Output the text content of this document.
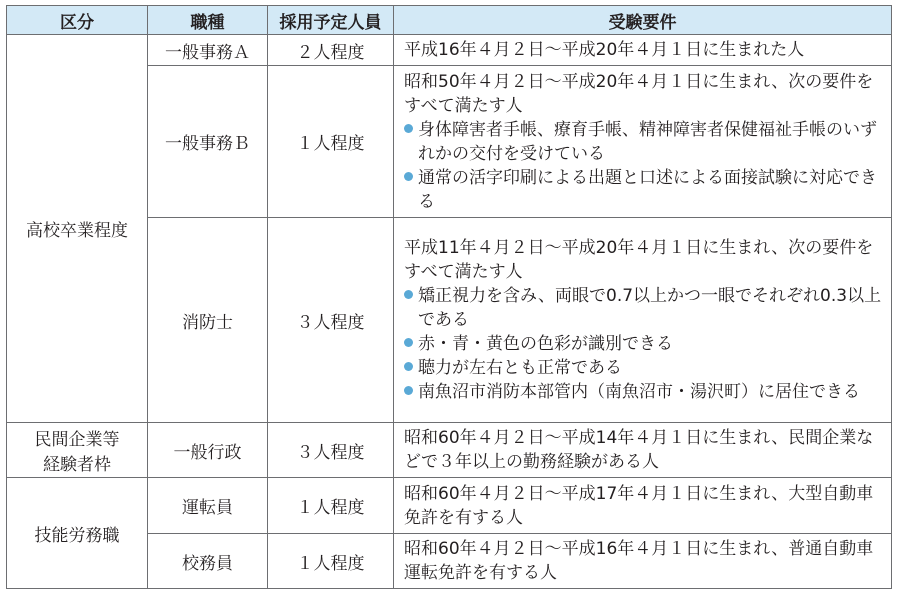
区分	職種	採用予定人員	受験要件
高校卒業程度	一般事務Ａ	２人程度	平成16年４月２日～平成20年４月１日に生まれた人

	一般事務Ｂ	１人程度	昭和50年４月２日～平成20年４月１日に生まれ、次の要件をすべて満たす人
身体障害者手帳、療育手帳、精神障害者保健福祉手帳のいずれかの交付を受けている
通常の活字印刷による出題と口述による面接試験に対応できる

	消防士	３人程度	平成11年４月２日～平成20年４月１日に生まれ、次の要件をすべて満たす人
矯正視力を含み、両眼で0.7以上かつ一眼でそれぞれ0.3以上である
赤・青・黄色の色彩が識別できる
聴力が左右とも正常である
南魚沼市消防本部管内（南魚沼市・湯沢町）に居住できる

民間企業等
経験者枠	一般行政	３人程度	昭和60年４月２日～平成14年４月１日に生まれ、民間企業などで３年以上の勤務経験がある人

技能労務職	運転員	１人程度	昭和60年４月２日～平成17年４月１日に生まれ、大型自動車免許を有する人

	校務員	１人程度	昭和60年４月２日～平成16年４月１日に生まれ、普通自動車運転免許を有する人
